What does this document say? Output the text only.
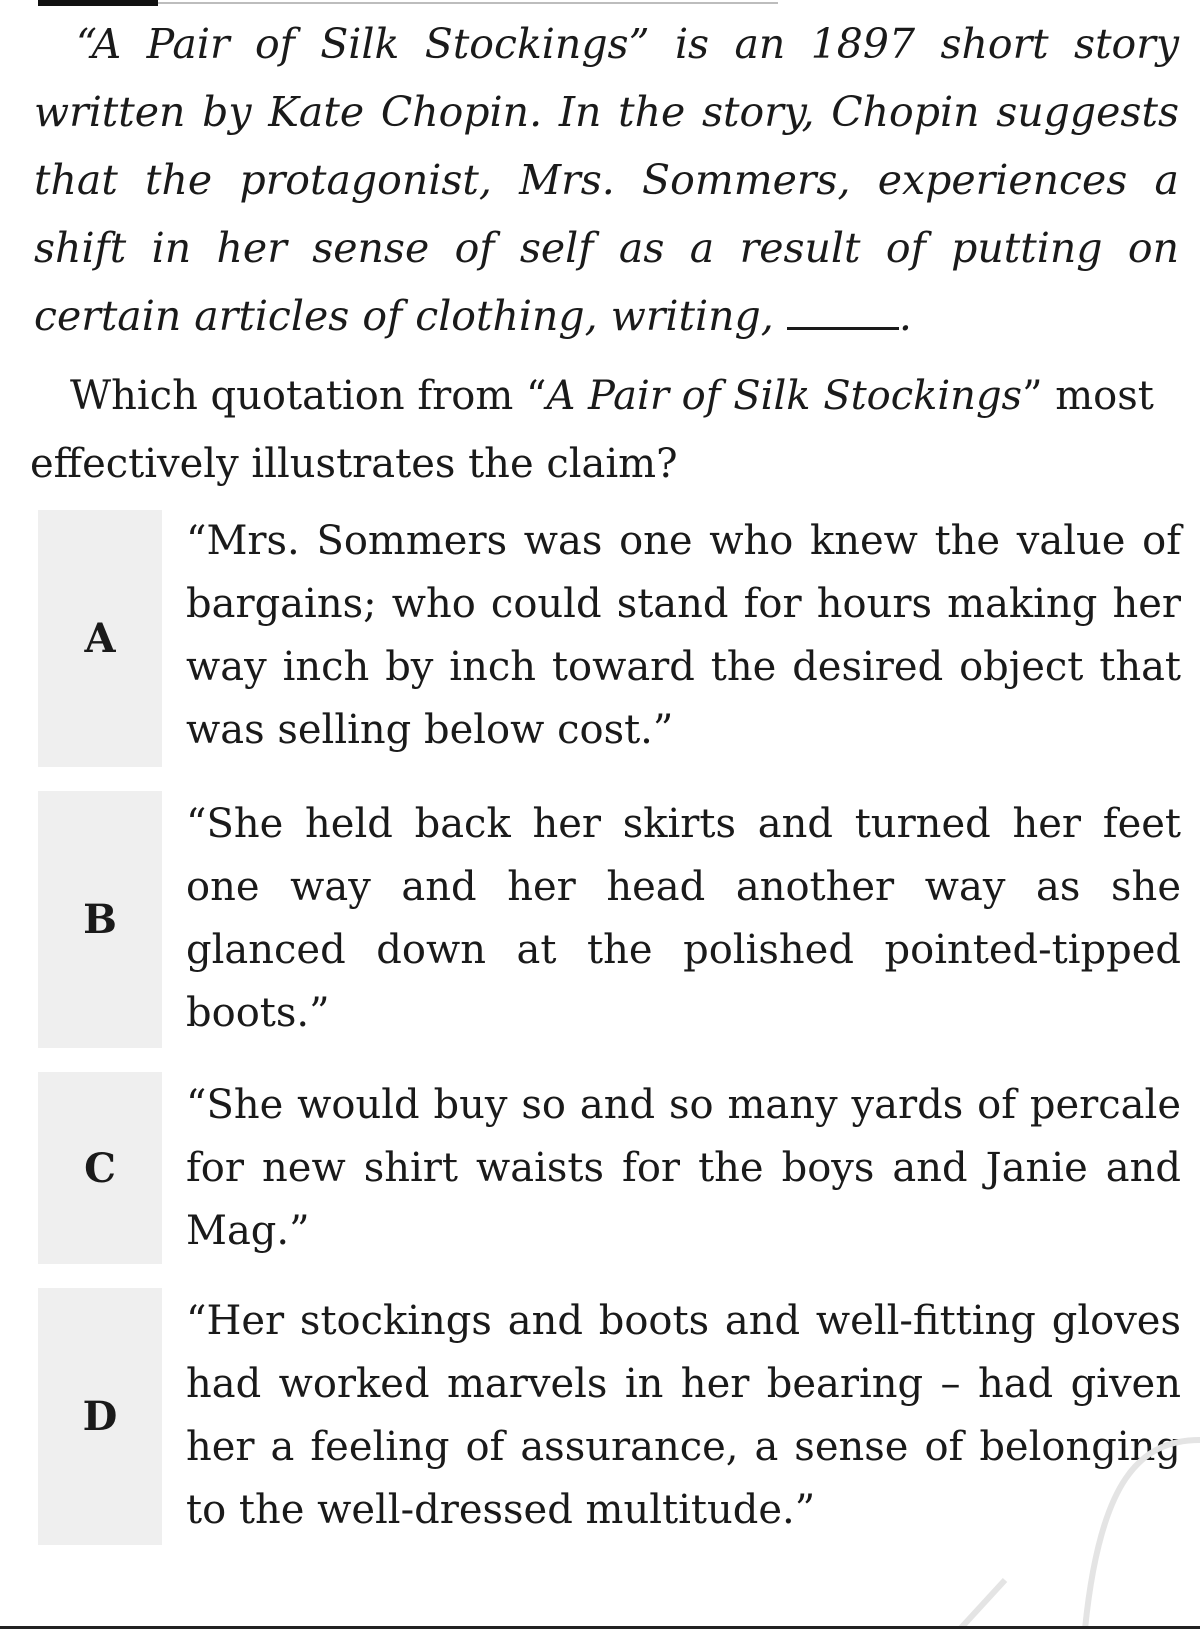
“A Pair of Silk Stockings” is an 1897 short story written by Kate Chopin. In the story, Chopin suggests that the protagonist, Mrs. Sommers, experiences a shift in her sense of self as a result of putting on certain articles of clothing, writing,	.

Which quotation from “A Pair of Silk Stockings” most effectively illustrates the claim?

A

“Mrs. Sommers was one who knew the value of bargains; who could stand for hours making her way inch by inch toward the desired object that was selling below cost.”

B

“She held back her skirts and turned her feet one way and her head another way as she glanced down at the polished pointed-tipped boots.”

C

“She would buy so and so many yards of percale for new shirt waists for the boys and Janie and Mag.”

D

“Her stockings and boots and well-fitting gloves had worked marvels in her bearing – had given her a feeling of assurance, a sense of belonging to the well-dressed multitude.”
